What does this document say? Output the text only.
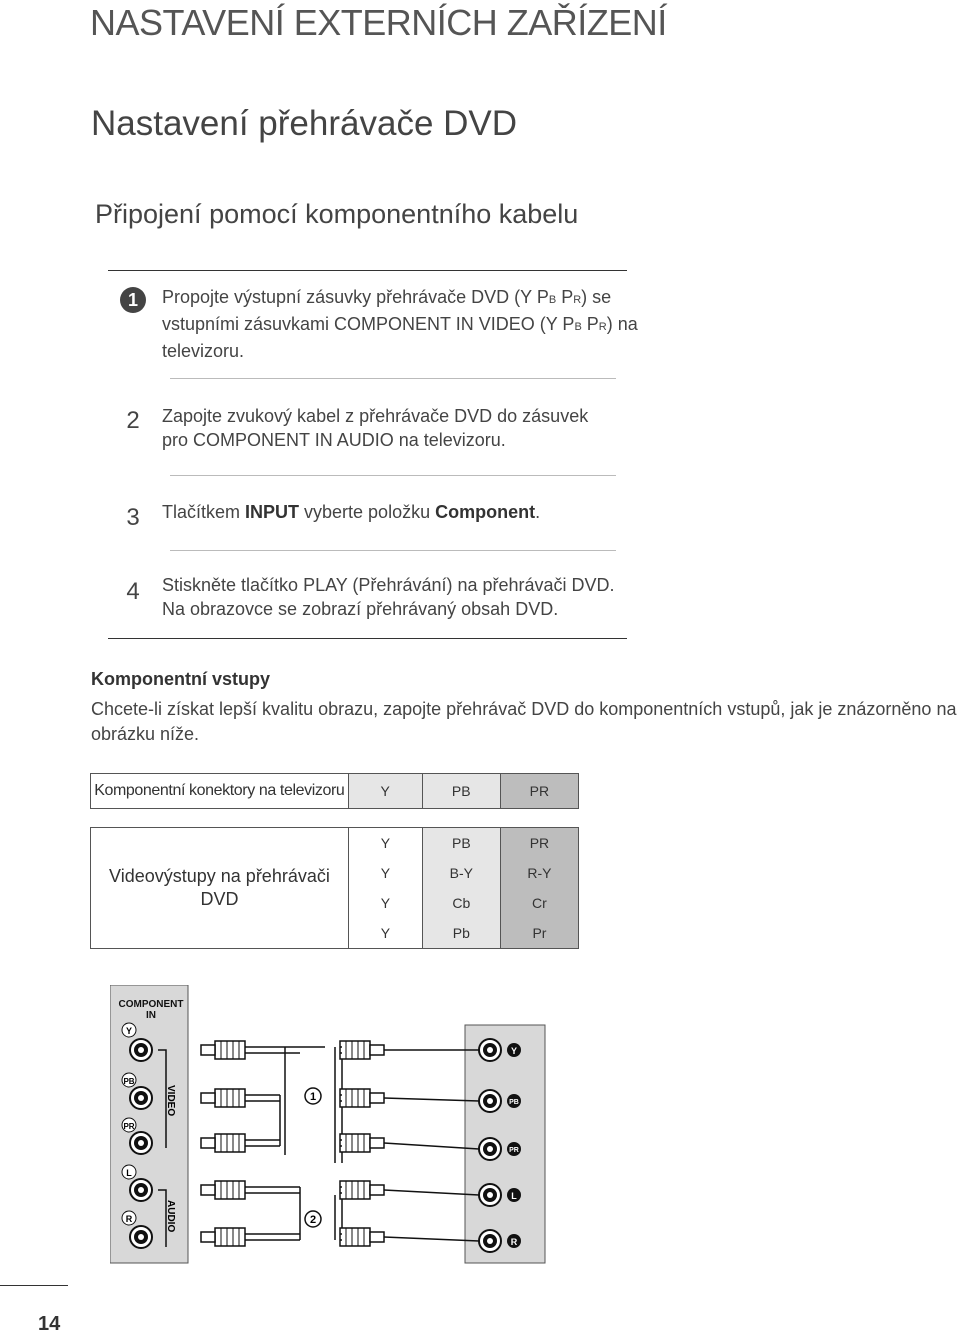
NASTAVENÍ EXTERNÍCH ZAŘÍZENÍ
Nastavení přehrávače DVD
Připojení pomocí komponentního kabelu
1	Propojte výstupní zásuvky přehrávače DVD (Y PB PR) se
vstupními zásuvkami COMPONENT IN VIDEO (Y PB PR) na
televizoru.
2	Zapojte zvukový kabel z přehrávače DVD do zásuvek
pro COMPONENT IN AUDIO na televizoru.
3	Tlačítkem INPUT vyberte položku Component.
4	Stiskněte tlačítko PLAY (Přehrávání) na přehrávači DVD.
Na obrazovce se zobrazí přehrávaný obsah DVD.
Komponentní vstupy
Chcete-li získat lepší kvalitu obrazu, zapojte přehrávač DVD do komponentních vstupů, jak je znázorněno na obrázku níže.
Komponentní konektory na televizoru	Y	PB	PR
Videovýstupy na přehrávači DVD	Y	PB	PR
	Y	B-Y	R-Y
	Y	Cb	Cr
	Y	Pb	Pr
COMPONENT
IN
Y
PB
PR
L
R
VIDEO
AUDIO
1
2
Y
PB
PR
L
R
14
